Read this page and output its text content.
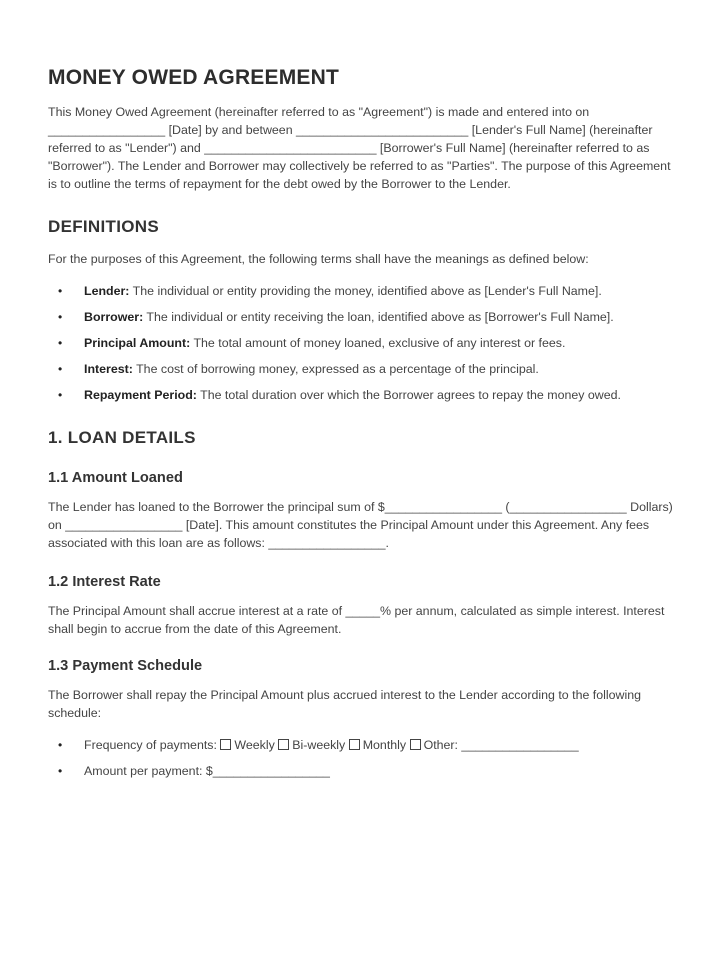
MONEY OWED AGREEMENT

This Money Owed Agreement (hereinafter referred to as "Agreement") is made and entered into on _________________ [Date] by and between _________________________ [Lender's Full Name] (hereinafter referred to as "Lender") and _________________________ [Borrower's Full Name] (hereinafter referred to as "Borrower"). The Lender and Borrower may collectively be referred to as "Parties". The purpose of this Agreement is to outline the terms of repayment for the debt owed by the Borrower to the Lender.

DEFINITIONS

For the purposes of this Agreement, the following terms shall have the meanings as defined below:

• Lender: The individual or entity providing the money, identified above as [Lender's Full Name].
• Borrower: The individual or entity receiving the loan, identified above as [Borrower's Full Name].
• Principal Amount: The total amount of money loaned, exclusive of any interest or fees.
• Interest: The cost of borrowing money, expressed as a percentage of the principal.
• Repayment Period: The total duration over which the Borrower agrees to repay the money owed.
1. LOAN DETAILS
1.1 Amount Loaned

The Lender has loaned to the Borrower the principal sum of $_________________ (_________________ Dollars) on _________________ [Date]. This amount constitutes the Principal Amount under this Agreement. Any fees associated with this loan are as follows: _________________.

1.2 Interest Rate

The Principal Amount shall accrue interest at a rate of _____% per annum, calculated as simple interest. Interest shall begin to accrue from the date of this Agreement.

1.3 Payment Schedule

The Borrower shall repay the Principal Amount plus accrued interest to the Lender according to the following schedule:

• Frequency of payments: Weekly Bi-weekly Monthly Other: _________________
• Amount per payment: $_________________
